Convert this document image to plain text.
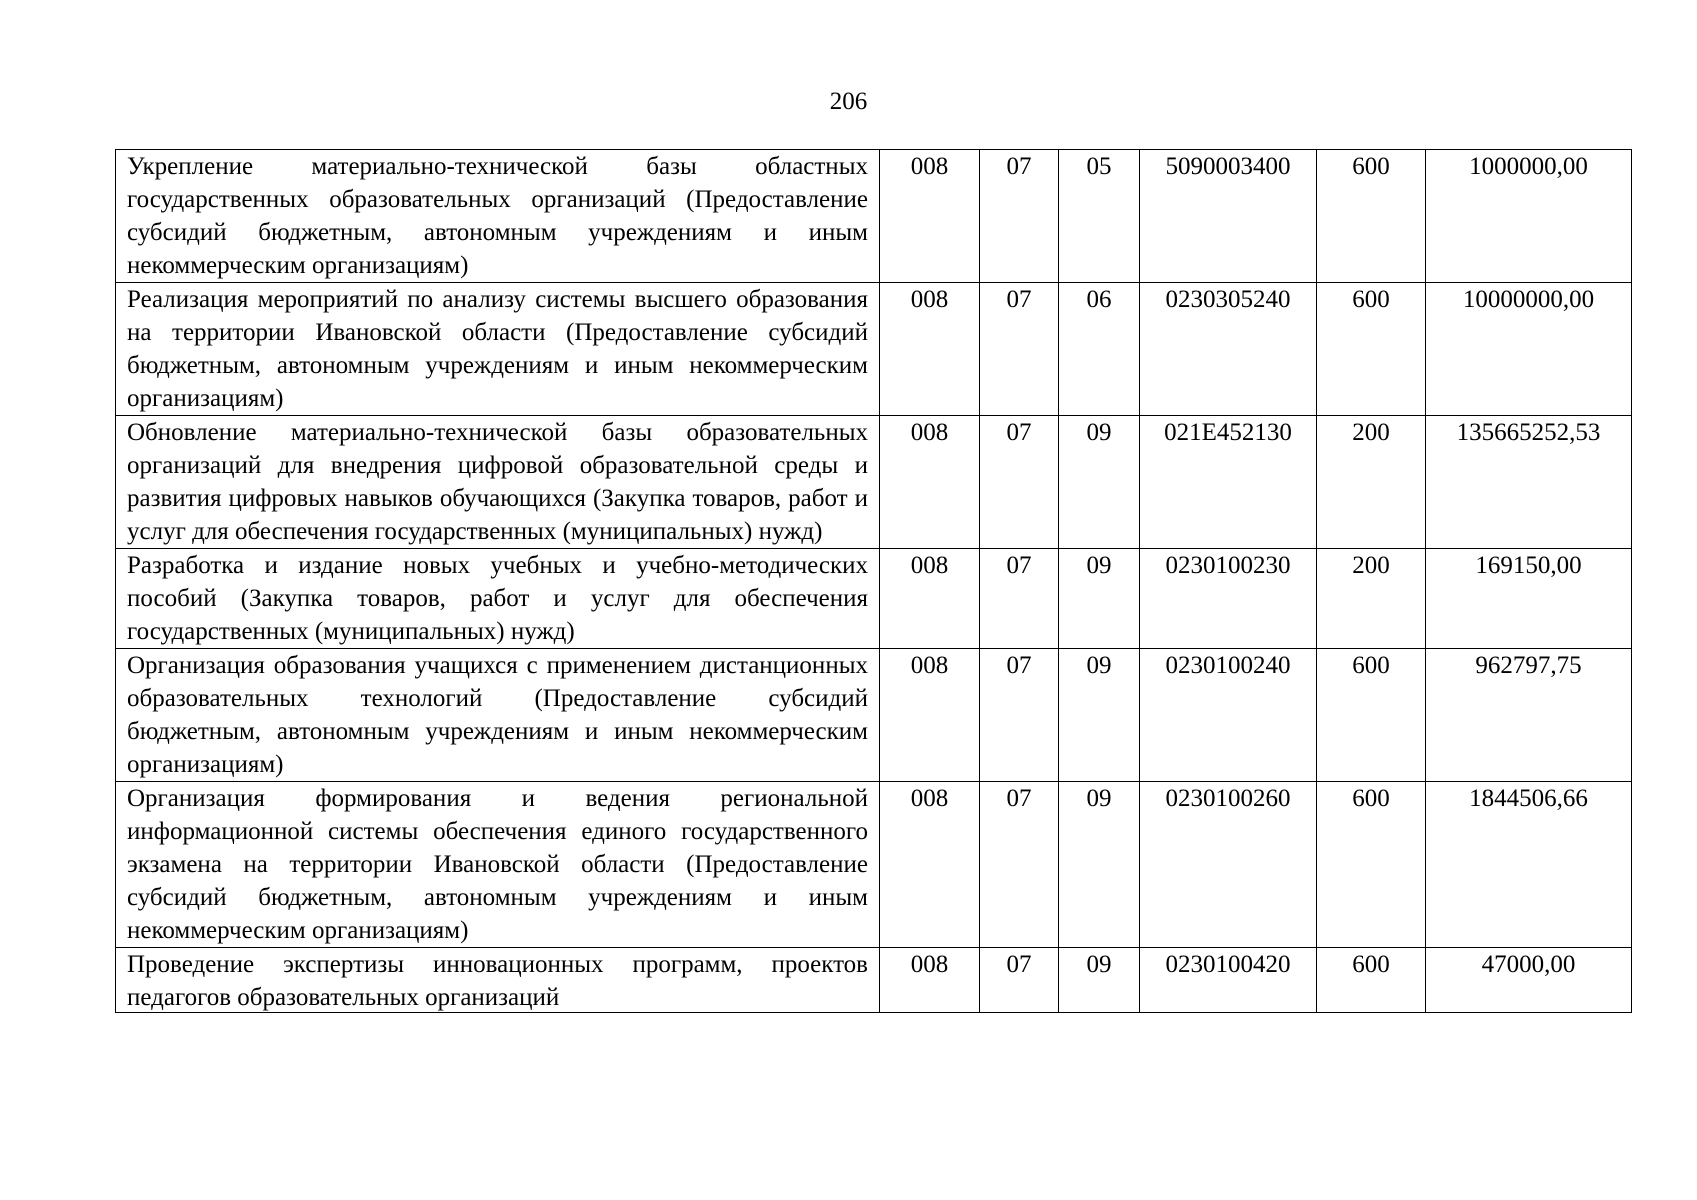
206
Укрепление материально-технической базы областных государственных образовательных организаций (Предоставление субсидий бюджетным, автономным учреждениям и иным некоммерческим организациям)	008	07	05	5090003400	600	1000000,00
Реализация мероприятий по анализу системы высшего образования на территории Ивановской области (Предоставление субсидий бюджетным, автономным учреждениям и иным некоммерческим организациям)	008	07	06	0230305240	600	10000000,00
Обновление материально-технической базы образовательных организаций для внедрения цифровой образовательной среды и развития цифровых навыков обучающихся (Закупка товаров, работ и услуг для обеспечения государственных (муниципальных) нужд)	008	07	09	021E452130	200	135665252,53
Разработка и издание новых учебных и учебно-методических пособий (Закупка товаров, работ и услуг для обеспечения государственных (муниципальных) нужд)	008	07	09	0230100230	200	169150,00
Организация образования учащихся с применением дистанционных образовательных технологий (Предоставление субсидий бюджетным, автономным учреждениям и иным некоммерческим организациям)	008	07	09	0230100240	600	962797,75
Организация формирования и ведения региональной информационной системы обеспечения единого государственного экзамена на территории Ивановской области (Предоставление субсидий бюджетным, автономным учреждениям и иным некоммерческим организациям)	008	07	09	0230100260	600	1844506,66

Проведение экспертизы инновационных программ, проектов педагогов образовательных организаций	008	07	09	0230100420	600	47000,00
